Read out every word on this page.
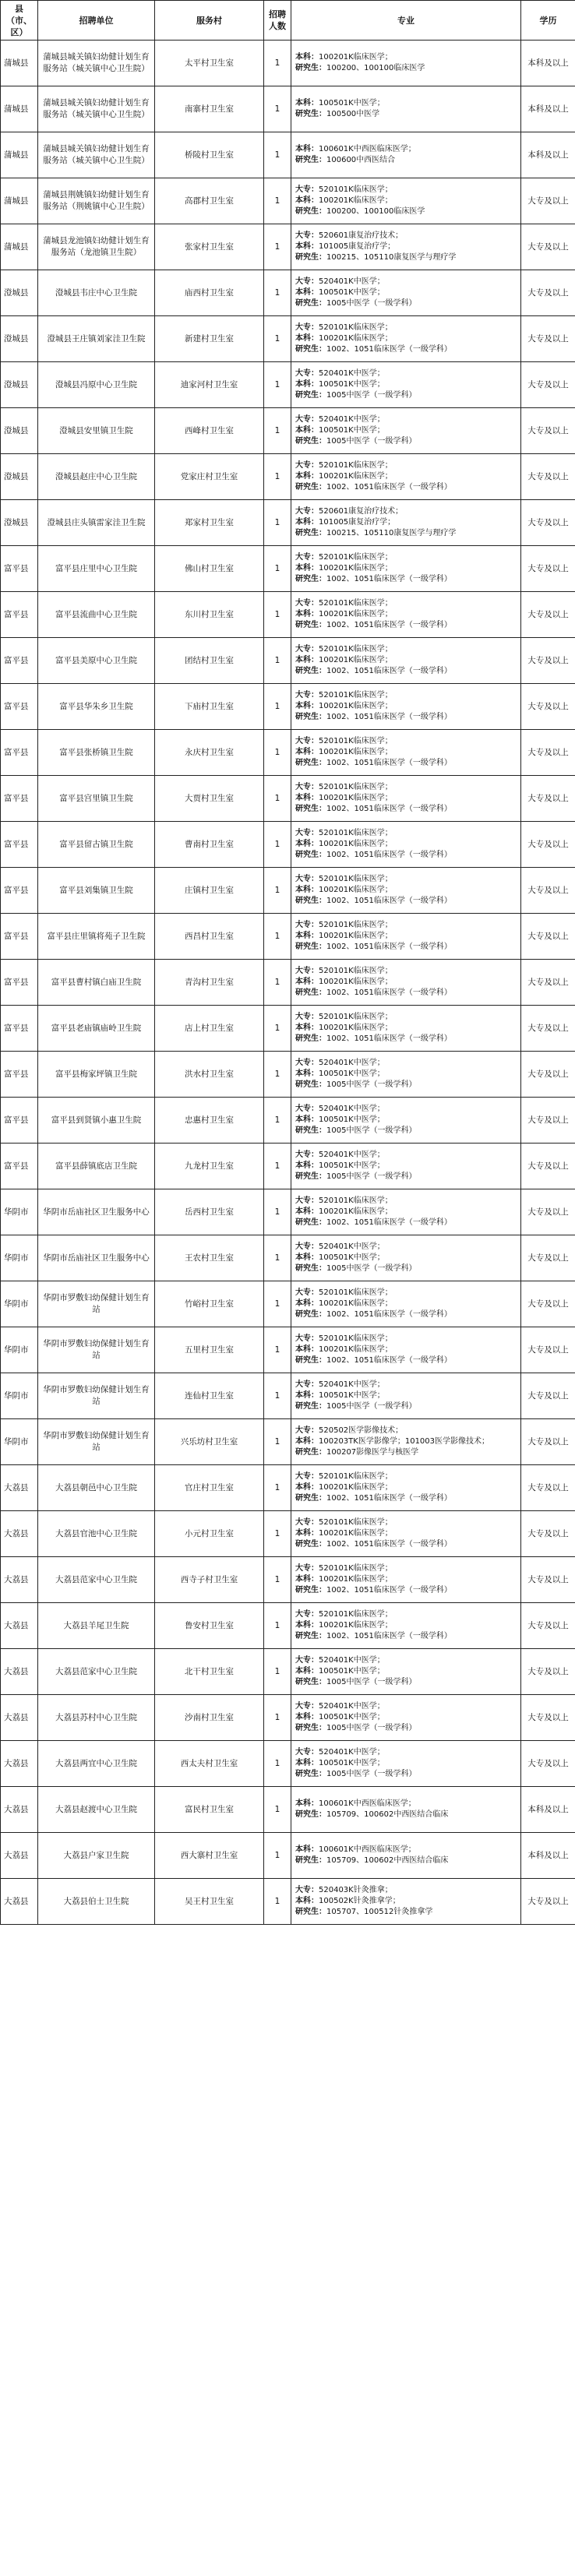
县（市、区）	招聘单位	服务村	招聘人数	专业	学历
蒲城县	蒲城县城关镇妇幼健计划生育服务站（城关镇中心卫生院）	太平村卫生室	1	本科：100201K临床医学；
研究生：100200、100100临床医学	本科及以上
蒲城县	蒲城县城关镇妇幼健计划生育服务站（城关镇中心卫生院）	南寨村卫生室	1	本科：100501K中医学；
研究生：100500中医学	本科及以上
蒲城县	蒲城县城关镇妇幼健计划生育服务站（城关镇中心卫生院）	桥陵村卫生室	1	本科：100601K中西医临床医学；
研究生：100600中西医结合	本科及以上
蒲城县	蒲城县荆姚镇妇幼健计划生育服务站（荆姚镇中心卫生院）	高郡村卫生室	1	大专：520101K临床医学；
本科：100201K临床医学；
研究生：100200、100100临床医学	大专及以上
蒲城县	蒲城县龙池镇妇幼健计划生育服务站（龙池镇卫生院）	张家村卫生室	1	大专：520601康复治疗技术；
本科：101005康复治疗学；
研究生：100215、105110康复医学与理疗学	大专及以上
澄城县	澄城县韦庄中心卫生院	庙西村卫生室	1	大专：520401K中医学；
本科：100501K中医学；
研究生：1005中医学（一级学科）	大专及以上
澄城县	澄城县王庄镇刘家洼卫生院	新建村卫生室	1	大专：520101K临床医学；
本科：100201K临床医学；
研究生：1002、1051临床医学（一级学科）	大专及以上
澄城县	澄城县冯原中心卫生院	迪家河村卫生室	1	大专：520401K中医学；
本科：100501K中医学；
研究生：1005中医学（一级学科）	大专及以上
澄城县	澄城县安里镇卫生院	西峰村卫生室	1	大专：520401K中医学；
本科：100501K中医学；
研究生：1005中医学（一级学科）	大专及以上
澄城县	澄城县赵庄中心卫生院	党家庄村卫生室	1	大专：520101K临床医学；
本科：100201K临床医学；
研究生：1002、1051临床医学（一级学科）	大专及以上
澄城县	澄城县庄头镇雷家洼卫生院	郑家村卫生室	1	大专：520601康复治疗技术；
本科：101005康复治疗学；
研究生：100215、105110康复医学与理疗学	大专及以上
富平县	富平县庄里中心卫生院	佛山村卫生室	1	大专：520101K临床医学；
本科：100201K临床医学；
研究生：1002、1051临床医学（一级学科）	大专及以上
富平县	富平县流曲中心卫生院	东川村卫生室	1	大专：520101K临床医学；
本科：100201K临床医学；
研究生：1002、1051临床医学（一级学科）	大专及以上
富平县	富平县美原中心卫生院	团结村卫生室	1	大专：520101K临床医学；
本科：100201K临床医学；
研究生：1002、1051临床医学（一级学科）	大专及以上
富平县	富平县华朱乡卫生院	下庙村卫生室	1	大专：520101K临床医学；
本科：100201K临床医学；
研究生：1002、1051临床医学（一级学科）	大专及以上
富平县	富平县张桥镇卫生院	永庆村卫生室	1	大专：520101K临床医学；
本科：100201K临床医学；
研究生：1002、1051临床医学（一级学科）	大专及以上
富平县	富平县宫里镇卫生院	大贾村卫生室	1	大专：520101K临床医学；
本科：100201K临床医学；
研究生：1002、1051临床医学（一级学科）	大专及以上
富平县	富平县留古镇卫生院	曹南村卫生室	1	大专：520101K临床医学；
本科：100201K临床医学；
研究生：1002、1051临床医学（一级学科）	大专及以上
富平县	富平县刘集镇卫生院	庄镇村卫生室	1	大专：520101K临床医学；
本科：100201K临床医学；
研究生：1002、1051临床医学（一级学科）	大专及以上
富平县	富平县庄里镇将苑子卫生院	西昌村卫生室	1	大专：520101K临床医学；
本科：100201K临床医学；
研究生：1002、1051临床医学（一级学科）	大专及以上
富平县	富平县曹村镇白庙卫生院	青沟村卫生室	1	大专：520101K临床医学；
本科：100201K临床医学；
研究生：1002、1051临床医学（一级学科）	大专及以上
富平县	富平县老庙镇庙岭卫生院	店上村卫生室	1	大专：520101K临床医学；
本科：100201K临床医学；
研究生：1002、1051临床医学（一级学科）	大专及以上
富平县	富平县梅家坪镇卫生院	洪水村卫生室	1	大专：520401K中医学；
本科：100501K中医学；
研究生：1005中医学（一级学科）	大专及以上
富平县	富平县到贤镇小惠卫生院	忠惠村卫生室	1	大专：520401K中医学；
本科：100501K中医学；
研究生：1005中医学（一级学科）	大专及以上
富平县	富平县薛镇底店卫生院	九龙村卫生室	1	大专：520401K中医学；
本科：100501K中医学；
研究生：1005中医学（一级学科）	大专及以上
华阴市	华阴市岳庙社区卫生服务中心	岳西村卫生室	1	大专：520101K临床医学；
本科：100201K临床医学；
研究生：1002、1051临床医学（一级学科）	大专及以上
华阴市	华阴市岳庙社区卫生服务中心	王农村卫生室	1	大专：520401K中医学；
本科：100501K中医学；
研究生：1005中医学（一级学科）	大专及以上
华阴市	华阴市罗敷妇幼保健计划生育站	竹峪村卫生室	1	大专：520101K临床医学；
本科：100201K临床医学；
研究生：1002、1051临床医学（一级学科）	大专及以上
华阴市	华阴市罗敷妇幼保健计划生育站	五里村卫生室	1	大专：520101K临床医学；
本科：100201K临床医学；
研究生：1002、1051临床医学（一级学科）	大专及以上
华阴市	华阴市罗敷妇幼保健计划生育站	连仙村卫生室	1	大专：520401K中医学；
本科：100501K中医学；
研究生：1005中医学（一级学科）	大专及以上
华阴市	华阴市罗敷妇幼保健计划生育站	兴乐坊村卫生室	1	大专：520502医学影像技术；
本科：100203TK医学影像学；101003医学影像技术；
研究生：100207影像医学与核医学	大专及以上
大荔县	大荔县朝邑中心卫生院	官庄村卫生室	1	大专：520101K临床医学；
本科：100201K临床医学；
研究生：1002、1051临床医学（一级学科）	大专及以上
大荔县	大荔县官池中心卫生院	小元村卫生室	1	大专：520101K临床医学；
本科：100201K临床医学；
研究生：1002、1051临床医学（一级学科）	大专及以上
大荔县	大荔县范家中心卫生院	西寺子村卫生室	1	大专：520101K临床医学；
本科：100201K临床医学；
研究生：1002、1051临床医学（一级学科）	大专及以上
大荔县	大荔县羊尾卫生院	鲁安村卫生室	1	大专：520101K临床医学；
本科：100201K临床医学；
研究生：1002、1051临床医学（一级学科）	大专及以上
大荔县	大荔县范家中心卫生院	北干村卫生室	1	大专：520401K中医学；
本科：100501K中医学；
研究生：1005中医学（一级学科）	大专及以上
大荔县	大荔县苏村中心卫生院	沙南村卫生室	1	大专：520401K中医学；
本科：100501K中医学；
研究生：1005中医学（一级学科）	大专及以上
大荔县	大荔县两宜中心卫生院	西太夫村卫生室	1	大专：520401K中医学；
本科：100501K中医学；
研究生：1005中医学（一级学科）	大专及以上
大荔县	大荔县赵渡中心卫生院	富民村卫生室	1	本科：100601K中西医临床医学；
研究生：105709、100602中西医结合临床	本科及以上
大荔县	大荔县户家卫生院	西大寨村卫生室	1	本科：100601K中西医临床医学；
研究生：105709、100602中西医结合临床	本科及以上
大荔县	大荔县伯士卫生院	吴王村卫生室	1	大专：520403K针灸推拿；
本科：100502K针灸推拿学；
研究生：105707、100512针灸推拿学	大专及以上
